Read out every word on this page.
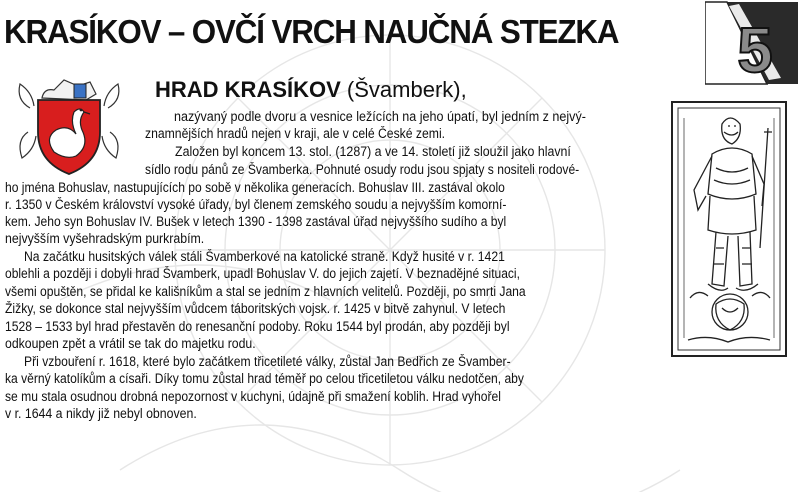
KRASÍKOV – OVČÍ VRCH NAUČNÁ STEZKA 5
HRAD KRASÍKOV (Švamberk),
nazývaný podle dvoru a vesnice ležících na jeho úpatí, byl jedním z nejvý-
znamnějších hradů nejen v kraji, ale v celé České zemi.
Založen byl koncem 13. stol. (1287) a ve 14. století již sloužil jako hlavní
sídlo rodu pánů ze Švamberka. Pohnuté osudy rodu jsou spjaty s nositeli rodové-
ho jména Bohuslav, nastupujících po sobě v několika generacích. Bohuslav III. zastával okolo
r. 1350 v Českém království vysoké úřady, byl členem zemského soudu a nejvyšším komorní-
kem. Jeho syn Bohuslav IV. Bušek v letech 1390 - 1398 zastával úřad nejvyššího sudího a byl
nejvyšším vyšehradským purkrabím.
Na začátku husitských válek stáli Švamberkové na katolické straně. Když husité v r. 1421
oblehli a později i dobyli hrad Švamberk, upadl Bohuslav V. do jejich zajetí. V beznadějné situaci,
všemi opuštěn, se přidal ke kališníkům a stal se jedním z hlavních velitelů. Později, po smrti Jana
Žižky, se dokonce stal nejvyšším vůdcem táboritských vojsk. r. 1425 v bitvě zahynul. V letech
1528 – 1533 byl hrad přestavěn do renesanční podoby. Roku 1544 byl prodán, aby později byl
odkoupen zpět a vrátil se tak do majetku rodu.
Při vzbouření r. 1618, které bylo začátkem třicetileté války, zůstal Jan Bedřich ze Švamber-
ka věrný katolíkům a císaři. Díky tomu zůstal hrad téměř po celou třicetiletou válku nedotčen, aby
se mu stala osudnou drobná nepozornost v kuchyni, údajně při smažení koblih. Hrad vyhořel
v r. 1644 a nikdy již nebyl obnoven.
